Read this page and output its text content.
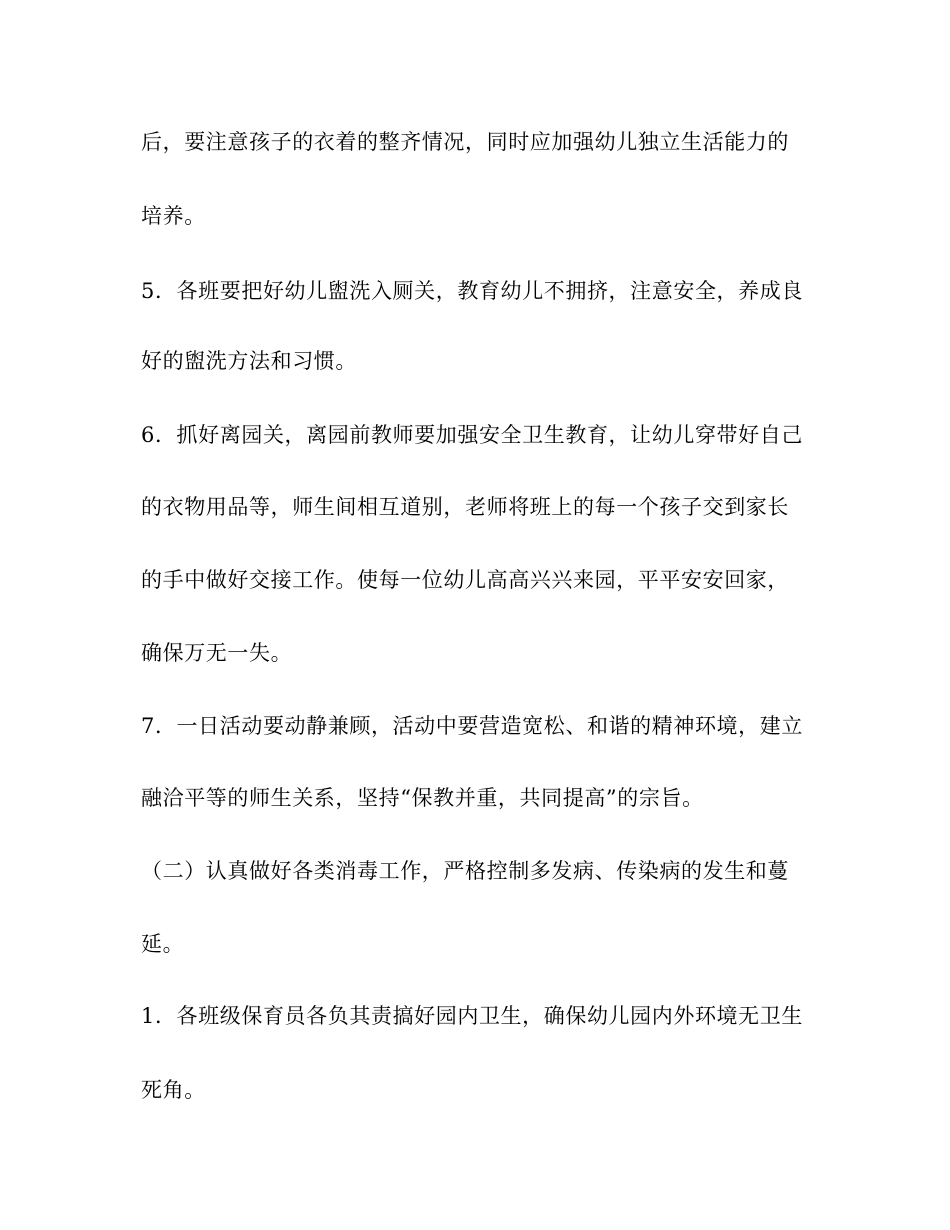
后，要注意孩子的衣着的整齐情况，同时应加强幼儿独立生活能力的
培养。
5．各班要把好幼儿盥洗入厕关，教育幼儿不拥挤，注意安全，养成良
好的盥洗方法和习惯。
6．抓好离园关，离园前教师要加强安全卫生教育，让幼儿穿带好自己
的衣物用品等，师生间相互道别，老师将班上的每一个孩子交到家长
的手中做好交接工作。使每一位幼儿高高兴兴来园，平平安安回家，
确保万无一失。
7．一日活动要动静兼顾，活动中要营造宽松、和谐的精神环境，建立
融洽平等的师生关系，坚持“保教并重，共同提高”的宗旨。
（二）认真做好各类消毒工作，严格控制多发病、传染病的发生和蔓
延。
1．各班级保育员各负其责搞好园内卫生，确保幼儿园内外环境无卫生
死角。
